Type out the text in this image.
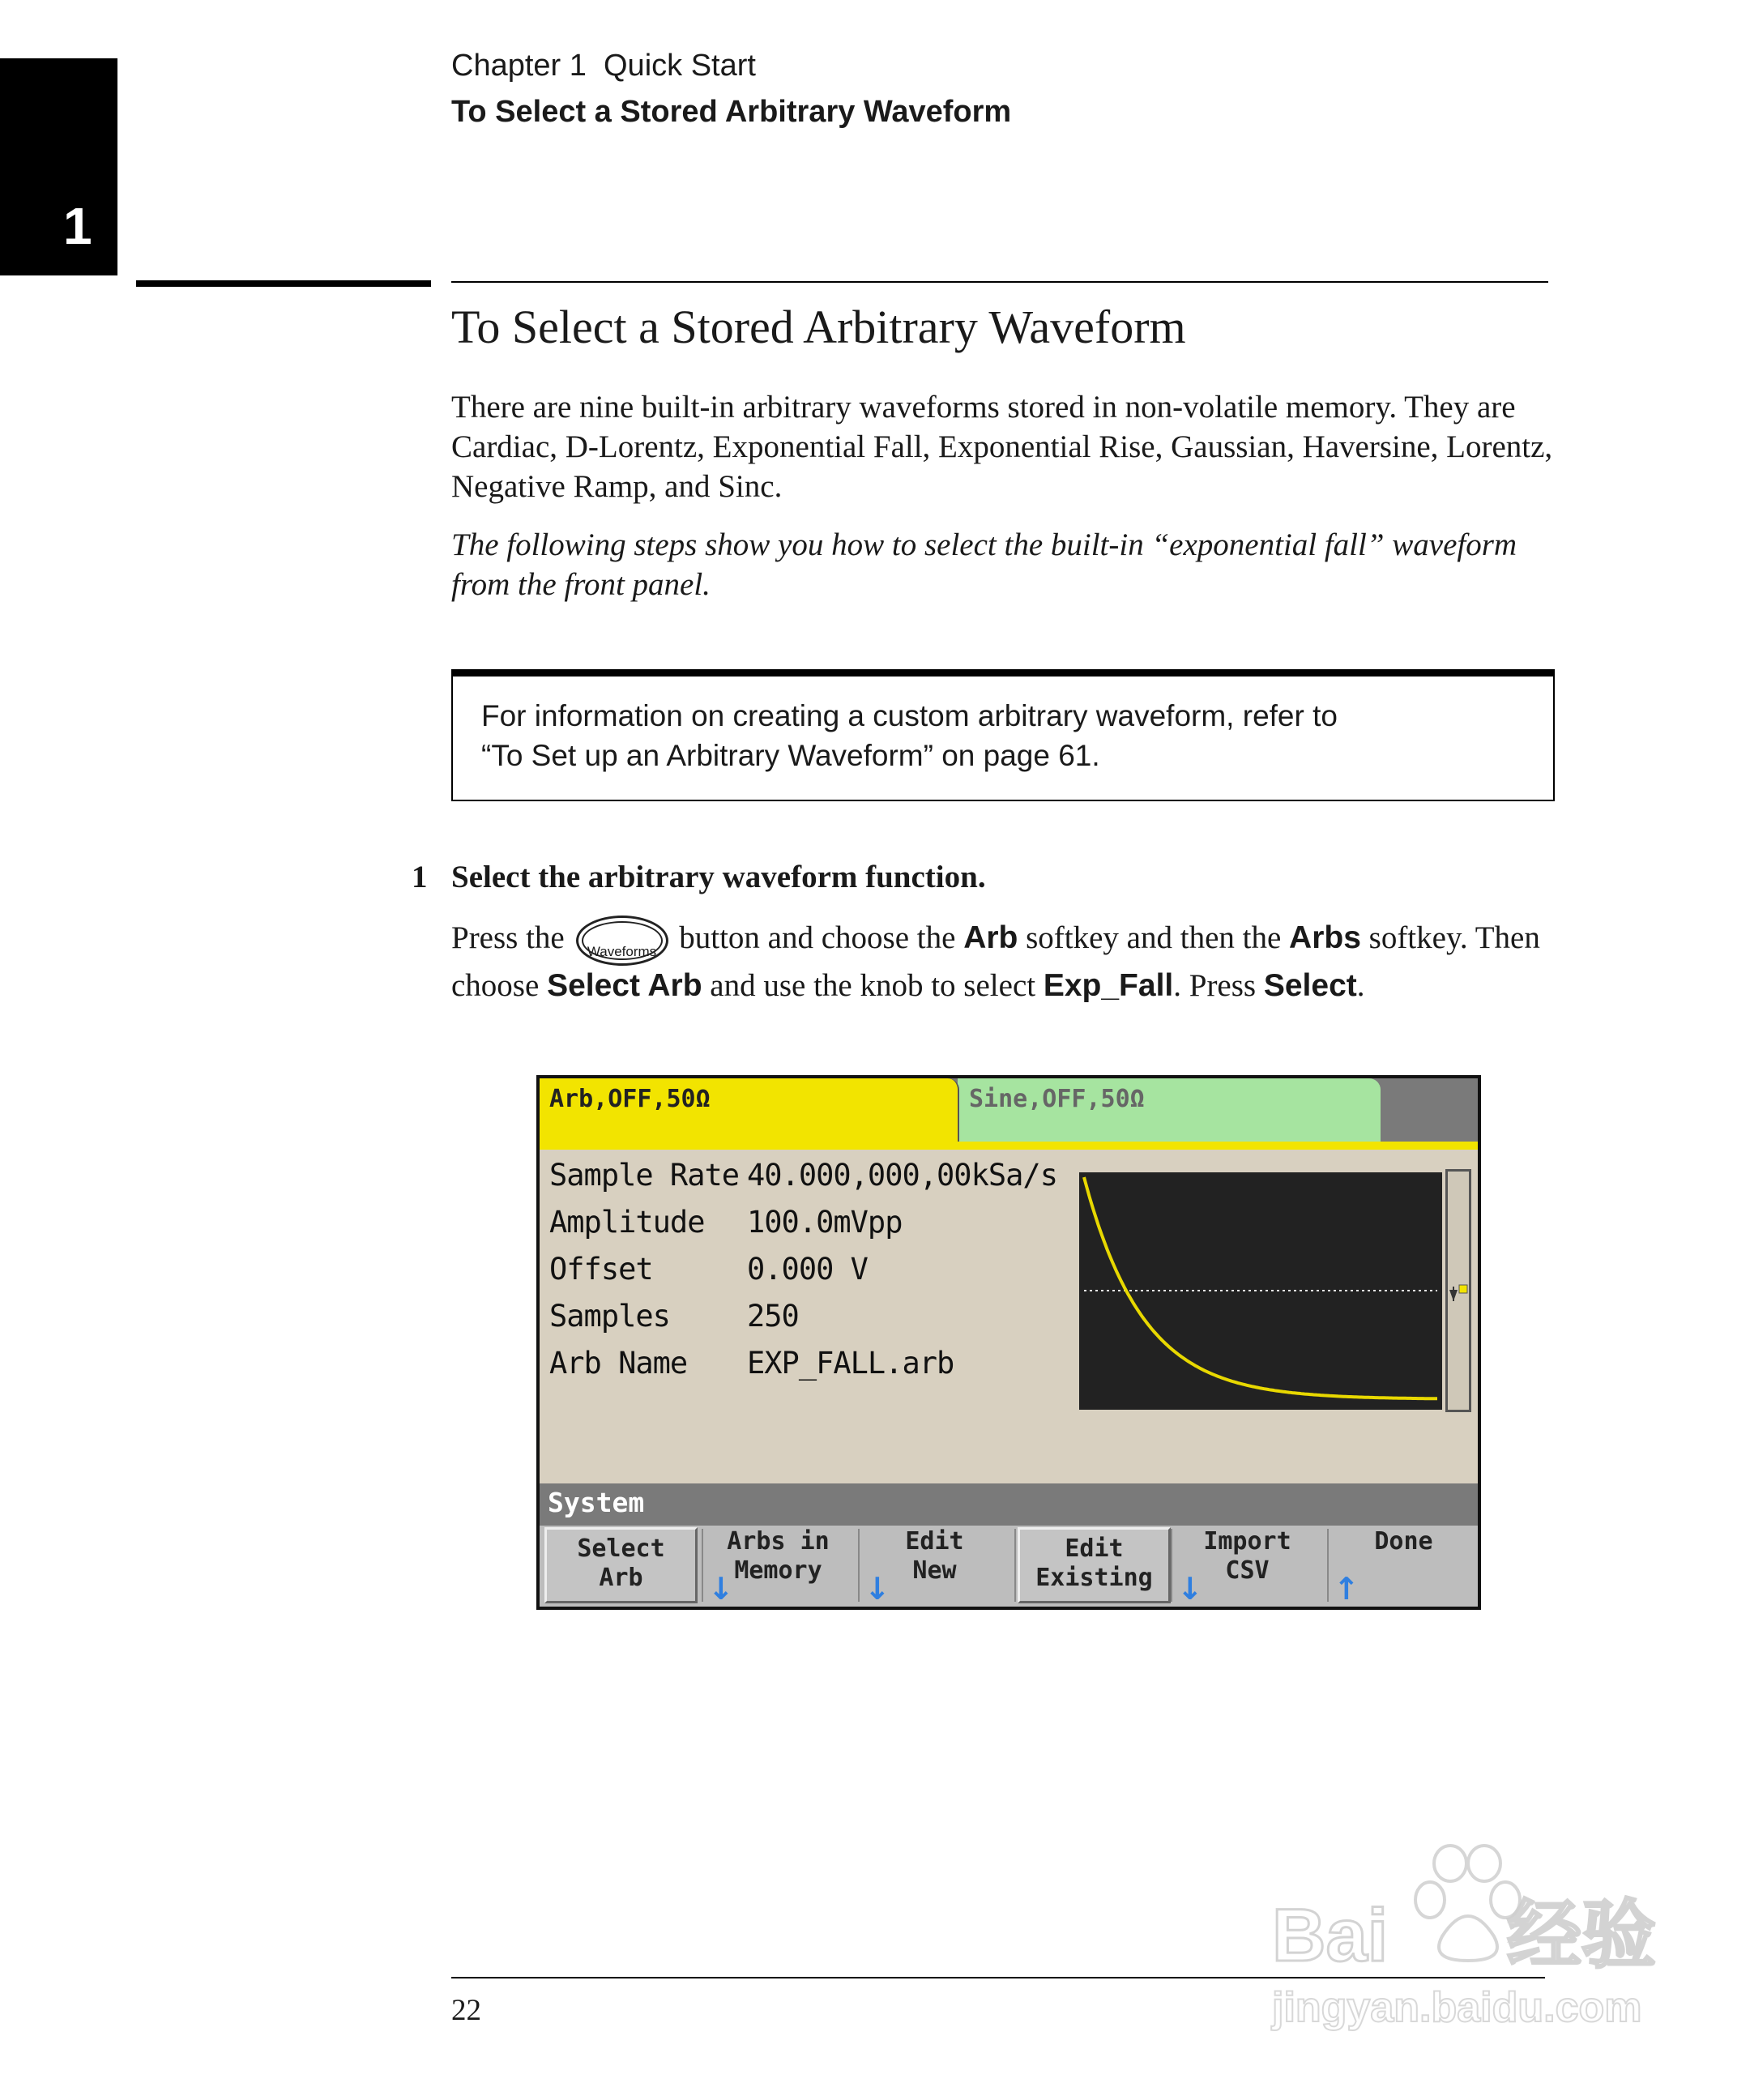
1
Chapter 1  Quick Start
To Select a Stored Arbitrary Waveform
To Select a Stored Arbitrary Waveform
There are nine built-in arbitrary waveforms stored in non-volatile memory. They are Cardiac, D-Lorentz, Exponential Fall, Exponential Rise, Gaussian, Haversine, Lorentz, Negative Ramp, and Sinc.
The following steps show you how to select the built-in “exponential fall” waveform from the front panel.
For information on creating a custom arbitrary waveform, refer to
“To Set up an Arbitrary Waveform” on page 61.
1 Select the arbitrary waveform function.
Press the	Waveforms button and choose the Arb softkey and then the Arbs softkey. Then choose Select Arb and use the knob to select Exp_Fall. Press Select.
Sine,OFF,50Ω
Arb,OFF,50Ω
Sample Rate 40.000,000,00kSa/s
Amplitude 100.0mVpp
Offset	0.000 V
Samples	250
Arb Name EXP_FALL.arb
System
Select
Arb
Arbs in
Memory
↓
Edit
New
↓
Edit
Existing
Import
CSV
↓
Done
↑
22
Bai 经验
jingyan.baidu.com
